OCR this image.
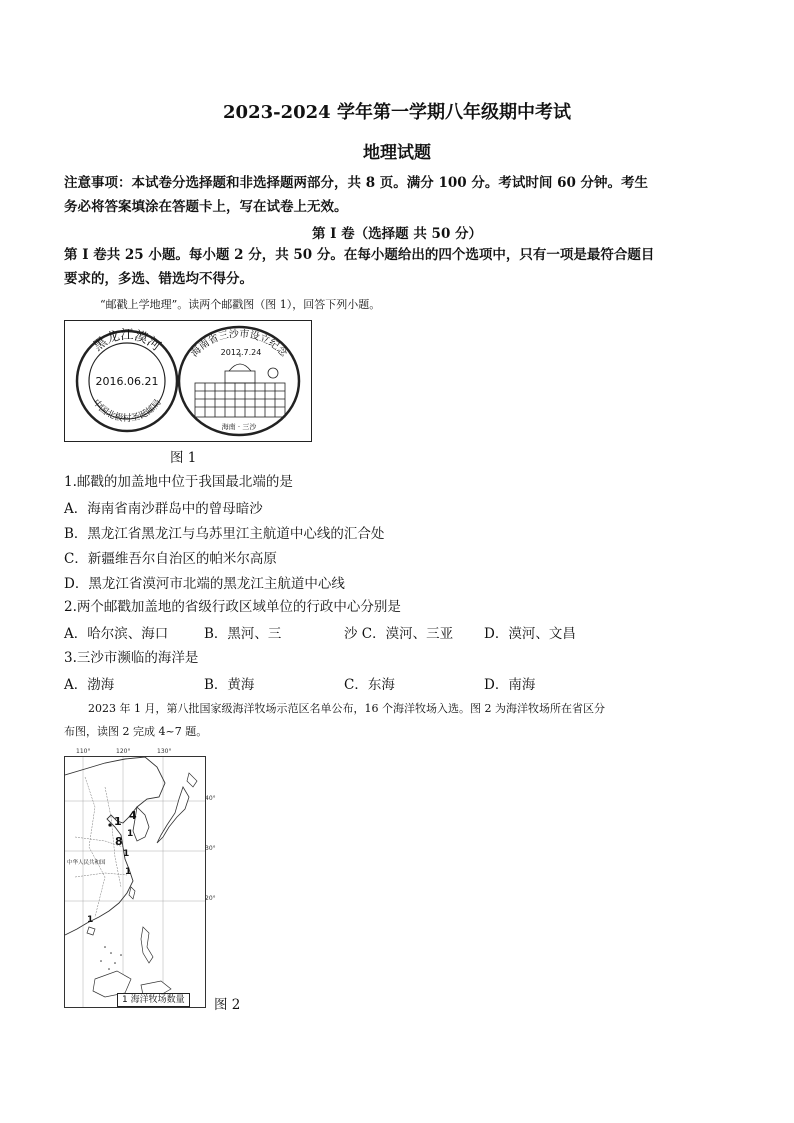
2023-2024 学年第一学期八年级期中考试
地理试题
注意事项：本试卷分选择题和非选择题两部分，共 8 页。满分 100 分。考试时间 60 分钟。考生
务必将答案填涂在答题卡上，写在试卷上无效。
第 I 卷（选择题 共 50 分）
第 I 卷共 25 小题。每小题 2 分，共 50 分。在每小题给出的四个选项中，只有一项是最符合题目
要求的，多选、错选均不得分。
“邮戳上学地理”。读两个邮戳图（图 1），回答下列小题。
黑龙江漠河
2016.06.21
中国北极村圣诞邮局
海南省三沙市设立纪念
2012.7.24
海南 · 三沙
图 1
1.邮戳的加盖地中位于我国最北端的是
A．海南省南沙群岛中的曾母暗沙
B．黑龙江省黑龙江与乌苏里江主航道中心线的汇合处
C．新疆维吾尔自治区的帕米尔高原
D．黑龙江省漠河市北端的黑龙江主航道中心线
2.两个邮戳加盖地的省级行政区域单位的行政中心分别是
A．哈尔滨、海口	B．黑河、三	沙 C．漠河、三亚 D．漠河、文昌
3.三沙市濒临的海洋是
A．渤海	B．黄海	C．东海	D．南海
2023 年 1 月，第八批国家级海洋牧场示范区名单公布，16 个海洋牧场入选。图 2 为海洋牧场所在省区分
布图，读图 2 完成 4~7 题。
110°	120°	130°
1 4
1
8
1
1
1
中华人民共和国
1 海洋牧场数量
40°
30°
20°
图 2
